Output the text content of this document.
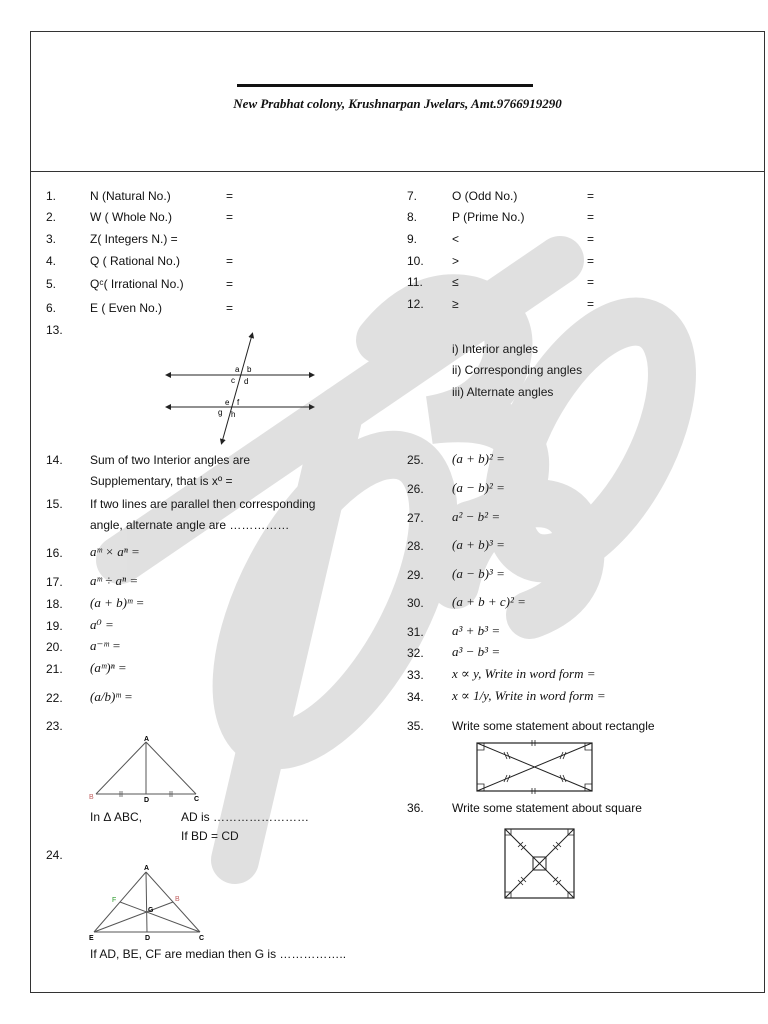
New Prabhat colony, Krushnarpan Jwelars, Amt.9766919290
1.	N (Natural No.)	=
2.	W ( Whole No.)	=
3.	Z( Integers N.) =
4.	Q ( Rational No.)	=
5.	Qᶜ( Irrational No.)	=
6.	E ( Even No.)	=
7.	O (Odd No.)	=
8.	P (Prime No.)	=
9.	<	=
10. >	=
11. ≤	=
12. ≥	=
13.
a b
c d
e f
g h
i) Interior angles
ii) Corresponding angles
iii) Alternate angles
14. Sum of two Interior angles are
Supplementary, that is xº =
15. If two lines are parallel then corresponding
angle, alternate angle are ……………
16. aᵐ × aⁿ =
17. aᵐ ÷ aⁿ =
18. (a + b)ᵐ =
19. a⁰ =
20. a⁻ᵐ =
21. (aᵐ)ⁿ =
22. (a/b)ᵐ =
25. (a + b)² =
26. (a − b)² =
27. a² − b² =
28. (a + b)³ =
29. (a − b)³ =
30. (a + b + c)² =
31. a³ + b³ =
32. a³ − b³ =
33. x ∝ y, Write in word form =
34. x ∝ 1/y, Write in word form =
23.
A
B	D	C
In Δ ABC,	AD is ……………………
If BD = CD
24.
A
F	B
G
E	D	C
If AD, BE, CF are median then G is ……………..
35. Write some statement about rectangle
36. Write some statement about square
TOP30
